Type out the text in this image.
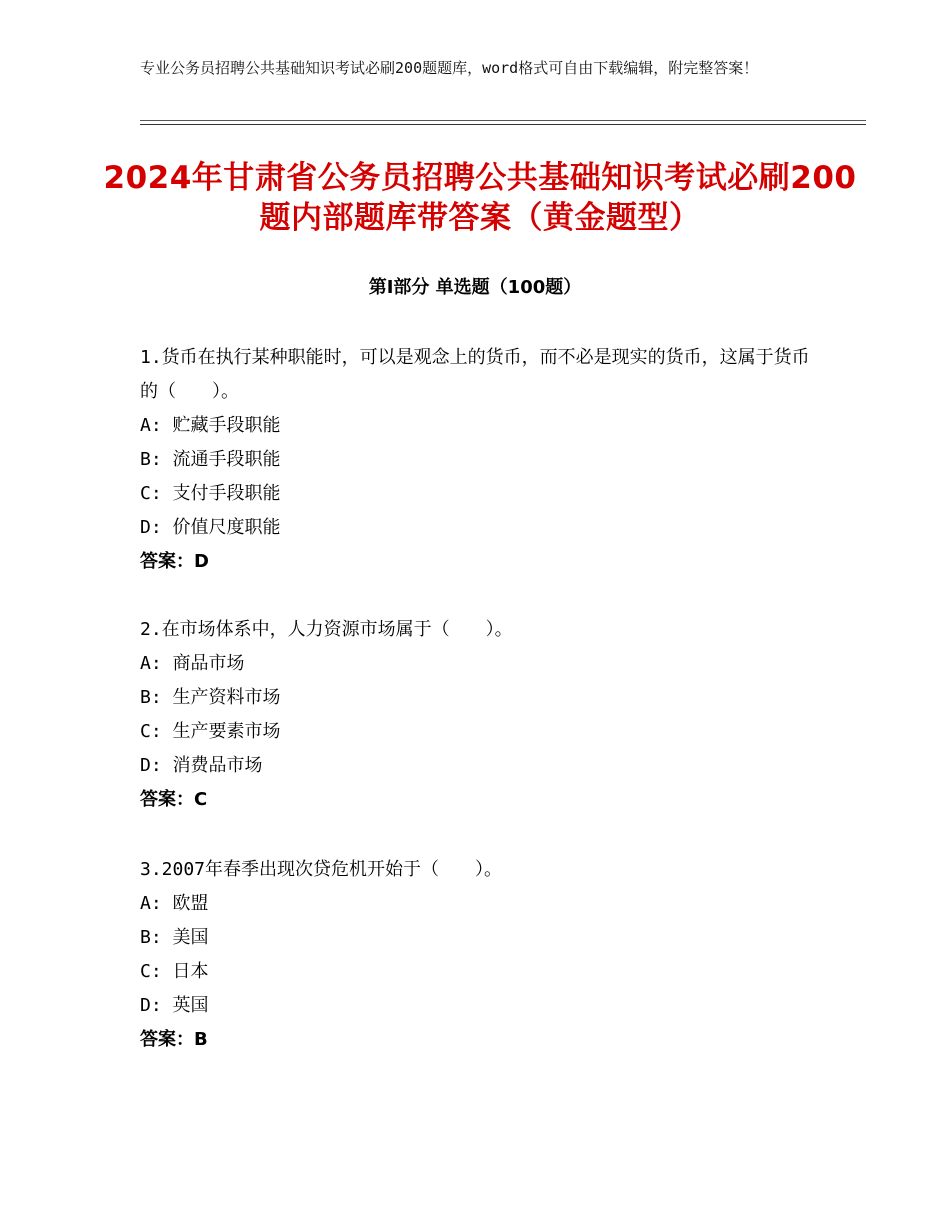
专业公务员招聘公共基础知识考试必刷200题题库，word格式可自由下载编辑，附完整答案！
2024年甘肃省公务员招聘公共基础知识考试必刷200题内部题库带答案（黄金题型）
第Ⅰ部分 单选题（100题）
1.货币在执行某种职能时，可以是观念上的货币，而不必是现实的货币，这属于货币的（　　）。
A: 贮藏手段职能
B: 流通手段职能
C: 支付手段职能
D: 价值尺度职能
答案：D
2.在市场体系中，人力资源市场属于（　　）。
A: 商品市场
B: 生产资料市场
C: 生产要素市场
D: 消费品市场
答案：C
3.2007年春季出现次贷危机开始于（　　）。
A: 欧盟
B: 美国
C: 日本
D: 英国
答案：B
